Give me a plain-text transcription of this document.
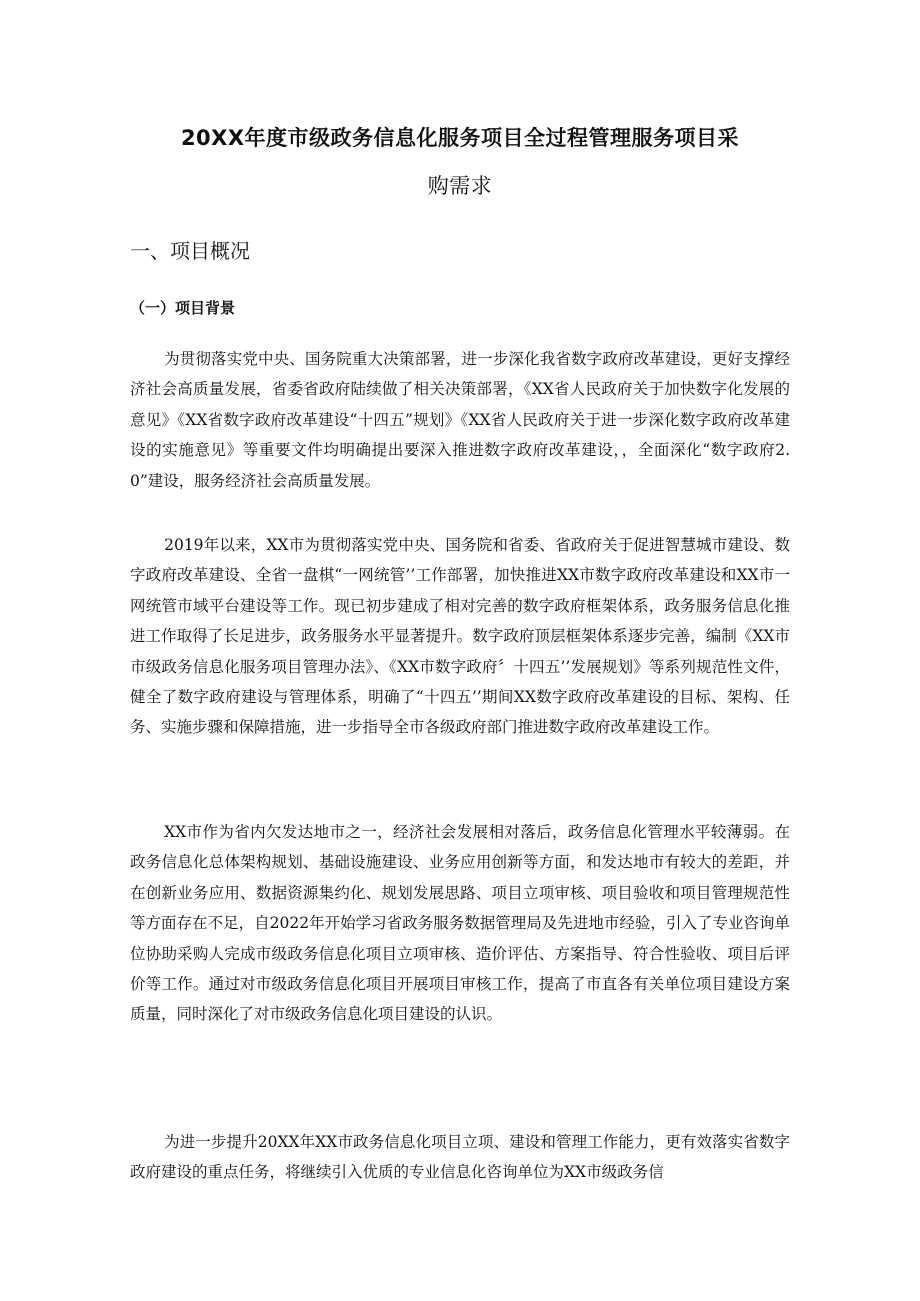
20XX年度市级政务信息化服务项目全过程管理服务项目采
购需求
一、项目概况
（一）项目背景

为贯彻落实党中央、国务院重大决策部署，进一步深化我省数字政府改革建设，更好支撑经济社会高质量发展，省委省政府陆续做了相关决策部署，《XX省人民政府关于加快数字化发展的意见》《XX省数字政府改革建设“十四五”规划》《XX省人民政府关于进一步深化数字政府改革建设的实施意见》等重要文件均明确提出要深入推进数字政府改革建设，，全面深化“数字政府2.0”建设，服务经济社会高质量发展。

2019年以来，XX市为贯彻落实党中央、国务院和省委、省政府关于促进智慧城市建设、数字政府改革建设、全省一盘棋“一网统管’’工作部署，加快推进XX市数字政府改革建设和XX市一网统管市域平台建设等工作。现已初步建成了相对完善的数字政府框架体系，政务服务信息化推进工作取得了长足进步，政务服务水平显著提升。数字政府顶层框架体系逐步完善，编制《XX市市级政务信息化服务项目管理办法》、《XX市数字政府〞十四五’’发展规划》等系列规范性文件，健全了数字政府建设与管理体系，明确了“十四五’’期间XX数字政府改革建设的目标、架构、任务、实施步骤和保障措施，进一步指导全市各级政府部门推进数字政府改革建设工作。

XX市作为省内欠发达地市之一，经济社会发展相对落后，政务信息化管理水平较薄弱。在政务信息化总体架构规划、基础设施建设、业务应用创新等方面，和发达地市有较大的差距，并在创新业务应用、数据资源集约化、规划发展思路、项目立项审核、项目验收和项目管理规范性等方面存在不足，自2022年开始学习省政务服务数据管理局及先进地市经验，引入了专业咨询单位协助采购人完成市级政务信息化项目立项审核、造价评估、方案指导、符合性验收、项目后评价等工作。通过对市级政务信息化项目开展项目审核工作，提高了市直各有关单位项目建设方案质量，同时深化了对市级政务信息化项目建设的认识。

为进一步提升20XX年XX市政务信息化项目立项、建设和管理工作能力，更有效落实省数字政府建设的重点任务，将继续引入优质的专业信息化咨询单位为XX市级政务信
